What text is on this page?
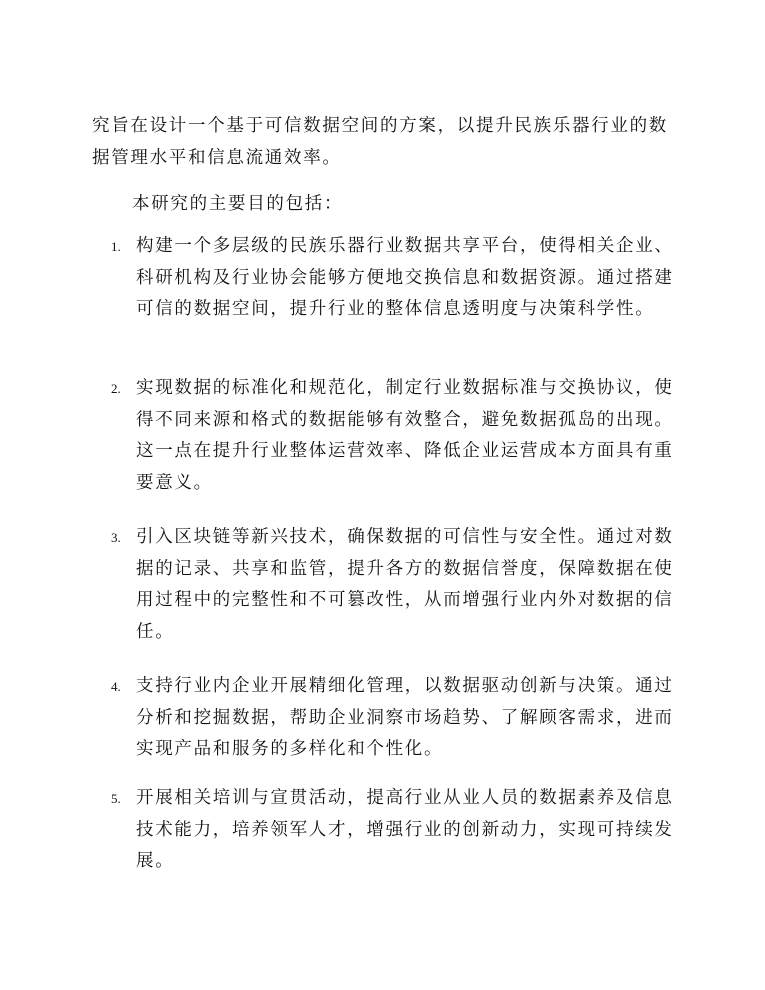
究旨在设计一个基于可信数据空间的方案，以提升民族乐器行业的数据管理水平和信息流通效率。

本研究的主要目的包括：

1. 构建一个多层级的民族乐器行业数据共享平台，使得相关企业、科研机构及行业协会能够方便地交换信息和数据资源。通过搭建可信的数据空间，提升行业的整体信息透明度与决策科学性。

2. 实现数据的标准化和规范化，制定行业数据标准与交换协议，使得不同来源和格式的数据能够有效整合，避免数据孤岛的出现。这一点在提升行业整体运营效率、降低企业运营成本方面具有重要意义。

3. 引入区块链等新兴技术，确保数据的可信性与安全性。通过对数据的记录、共享和监管，提升各方的数据信誉度，保障数据在使用过程中的完整性和不可篡改性，从而增强行业内外对数据的信任。

4. 支持行业内企业开展精细化管理，以数据驱动创新与决策。通过分析和挖掘数据，帮助企业洞察市场趋势、了解顾客需求，进而实现产品和服务的多样化和个性化。

5. 开展相关培训与宣贯活动，提高行业从业人员的数据素养及信息技术能力，培养领军人才，增强行业的创新动力，实现可持续发展。
